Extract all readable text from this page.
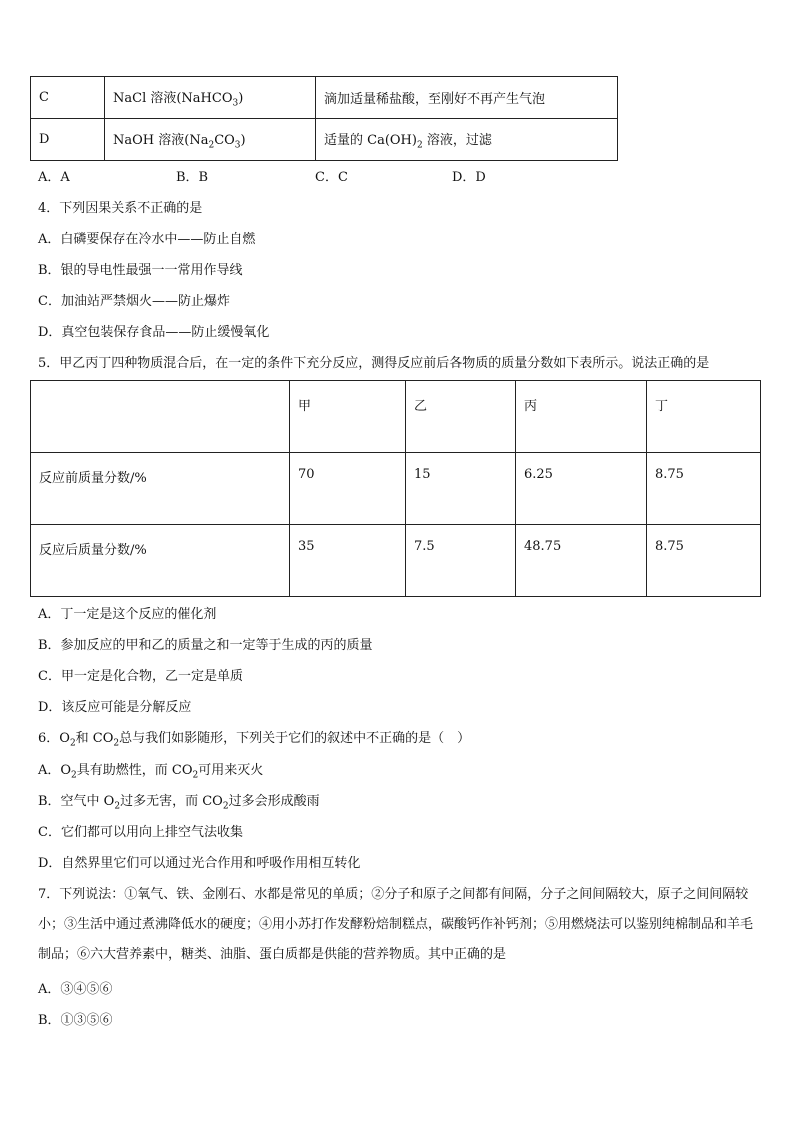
C	NaCl 溶液(NaHCO$_3$)	滴加适量稀盐酸，至刚好不再产生气泡
D	NaOH 溶液$(Na_2CO_3)$	适量的 $Ca(OH)_2$ 溶液，过滤
A．A	B．B	C．C	D．D
4．下列因果关系不正确的是
A．白磷要保存在冷水中——防止自燃
B．银的导电性最强一一常用作导线
C．加油站严禁烟火——防止爆炸
D．真空包装保存食品——防止缓慢氧化
5．甲乙丙丁四种物质混合后，在一定的条件下充分反应，测得反应前后各物质的质量分数如下表所示。说法正确的是
	甲	乙	丙	丁
反应前质量分数/%	70	15	6.25	8.75
反应后质量分数/%	35	7.5	48.75	8.75
A．丁一定是这个反应的催化剂
B．参加反应的甲和乙的质量之和一定等于生成的丙的质量
C．甲一定是化合物，乙一定是单质
D．该反应可能是分解反应
6．$O_2$和 $CO_2$总与我们如影随形，下列关于它们的叙述中不正确的是（　）
A．$O_2$具有助燃性，而 $CO_2$可用来灭火
B．空气中 $O_2$过多无害，而 $CO_2$过多会形成酸雨
C．它们都可以用向上排空气法收集
D．自然界里它们可以通过光合作用和呼吸作用相互转化
7．下列说法：①氧气、铁、金刚石、水都是常见的单质；②分子和原子之间都有间隔，分子之间间隔较大，原子之间间隔较小；③生活中通过煮沸降低水的硬度；④用小苏打作发酵粉焙制糕点，碳酸钙作补钙剂；⑤用燃烧法可以鉴别纯棉制品和羊毛制品；⑥六大营养素中，糖类、油脂、蛋白质都是供能的营养物质。其中正确的是
A．③④⑤⑥
B．①③⑤⑥
